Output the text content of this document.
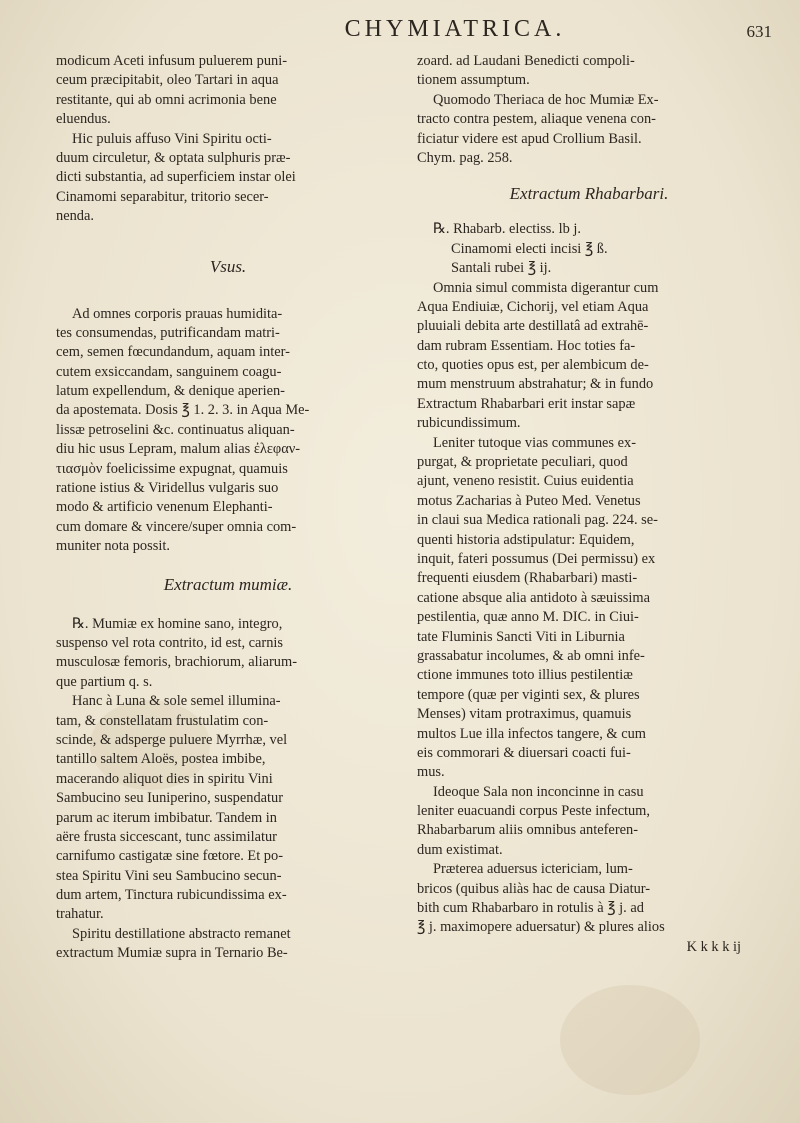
CHYMIATRICA.	631
modicum Aceti infusum puluerem puni-
ceum præcipitabit, oleo Tartari in aqua
restitante, qui ab omni acrimonia bene
eluendus.
Hic puluis affuso Vini Spiritu octi-
duum circuletur, & optata sulphuris præ-
dicti substantia, ad superficiem instar olei
Cinamomi separabitur, tritorio secer-
nenda.
Vsus.
Ad omnes corporis prauas humidita-
tes consumendas, putrificandam matri-
cem, semen fœcundandum, aquam inter-
cutem exsiccandam, sanguinem coagu-
latum expellendum, & denique aperien-
da apostemata. Dosis ℥ 1. 2. 3. in Aqua Me-
lissæ petroselini &c. continuatus aliquan-
diu hic usus Lepram, malum alias ἐλεφαν-
τιασμὸν foelicissime expugnat, quamuis
ratione istius & Viridellus vulgaris suo
modo & artificio venenum Elephanti-
cum domare & vincere/super omnia com-
muniter nota possit.
Extractum mumiæ.
℞. Mumiæ ex homine sano, integro,
suspenso vel rota contrito, id est, carnis
musculosæ femoris, brachiorum, aliarum-
que partium q. s.
Hanc à Luna & sole semel illumina-
tam, & constellatam frustulatim con-
scinde, & adsperge puluere Myrrhæ, vel
tantillo saltem Aloës, postea imbibe,
macerando aliquot dies in spiritu Vini
Sambucino seu Iuniperino, suspendatur
parum ac iterum imbibatur. Tandem in
aëre frusta siccescant, tunc assimilatur
carnifumo castigatæ sine fœtore. Et po-
stea Spiritu Vini seu Sambucino secun-
dum artem, Tinctura rubicundissima ex-
trahatur.
Spiritu destillatione abstracto remanet
extractum Mumiæ supra in Ternario Be-
zoard. ad Laudani Benedicti compoli-
tionem assumptum.
Quomodo Theriaca de hoc Mumiæ Ex-
tracto contra pestem, aliaque venena con-
ficiatur videre est apud Crollium Basil.
Chym. pag. 258.
Extractum Rhabarbari.
℞. Rhabarb. electiss. lb j.
Cinamomi electi incisi ℥ ß.
Santali rubei ℥ ij.
Omnia simul commista digerantur cum
Aqua Endiuiæ, Cichorij, vel etiam Aqua
pluuiali debita arte destillatâ ad extrahē-
dam rubram Essentiam. Hoc toties fa-
cto, quoties opus est, per alembicum de-
mum menstruum abstrahatur; & in fundo
Extractum Rhabarbari erit instar sapæ
rubicundissimum.
Leniter tutoque vias communes ex-
purgat, & proprietate peculiari, quod
ajunt, veneno resistit. Cuius euidentia
motus Zacharias à Puteo Med. Venetus
in claui sua Medica rationali pag. 224. se-
quenti historia adstipulatur: Equidem,
inquit, fateri possumus (Dei permissu) ex
frequenti eiusdem (Rhabarbari) masti-
catione absque alia antidoto à sæuissima
pestilentia, quæ anno M. DIC. in Ciui-
tate Fluminis Sancti Viti in Liburnia
grassabatur incolumes, & ab omni infe-
ctione immunes toto illius pestilentiæ
tempore (quæ per viginti sex, & plures
Menses) vitam protraximus, quamuis
multos Lue illa infectos tangere, & cum
eis commorari & diuersari coacti fui-
mus.
Ideoque Sala non inconcinne in casu
leniter euacuandi corpus Peste infectum,
Rhabarbarum aliis omnibus anteferen-
dum existimat.
Præterea aduersus ictericiam, lum-
bricos (quibus aliàs hac de causa Diatur-
bith cum Rhabarbaro in rotulis à ℥ j. ad
℥ j. maximopere aduersatur) & plures alios
K k k k ij
